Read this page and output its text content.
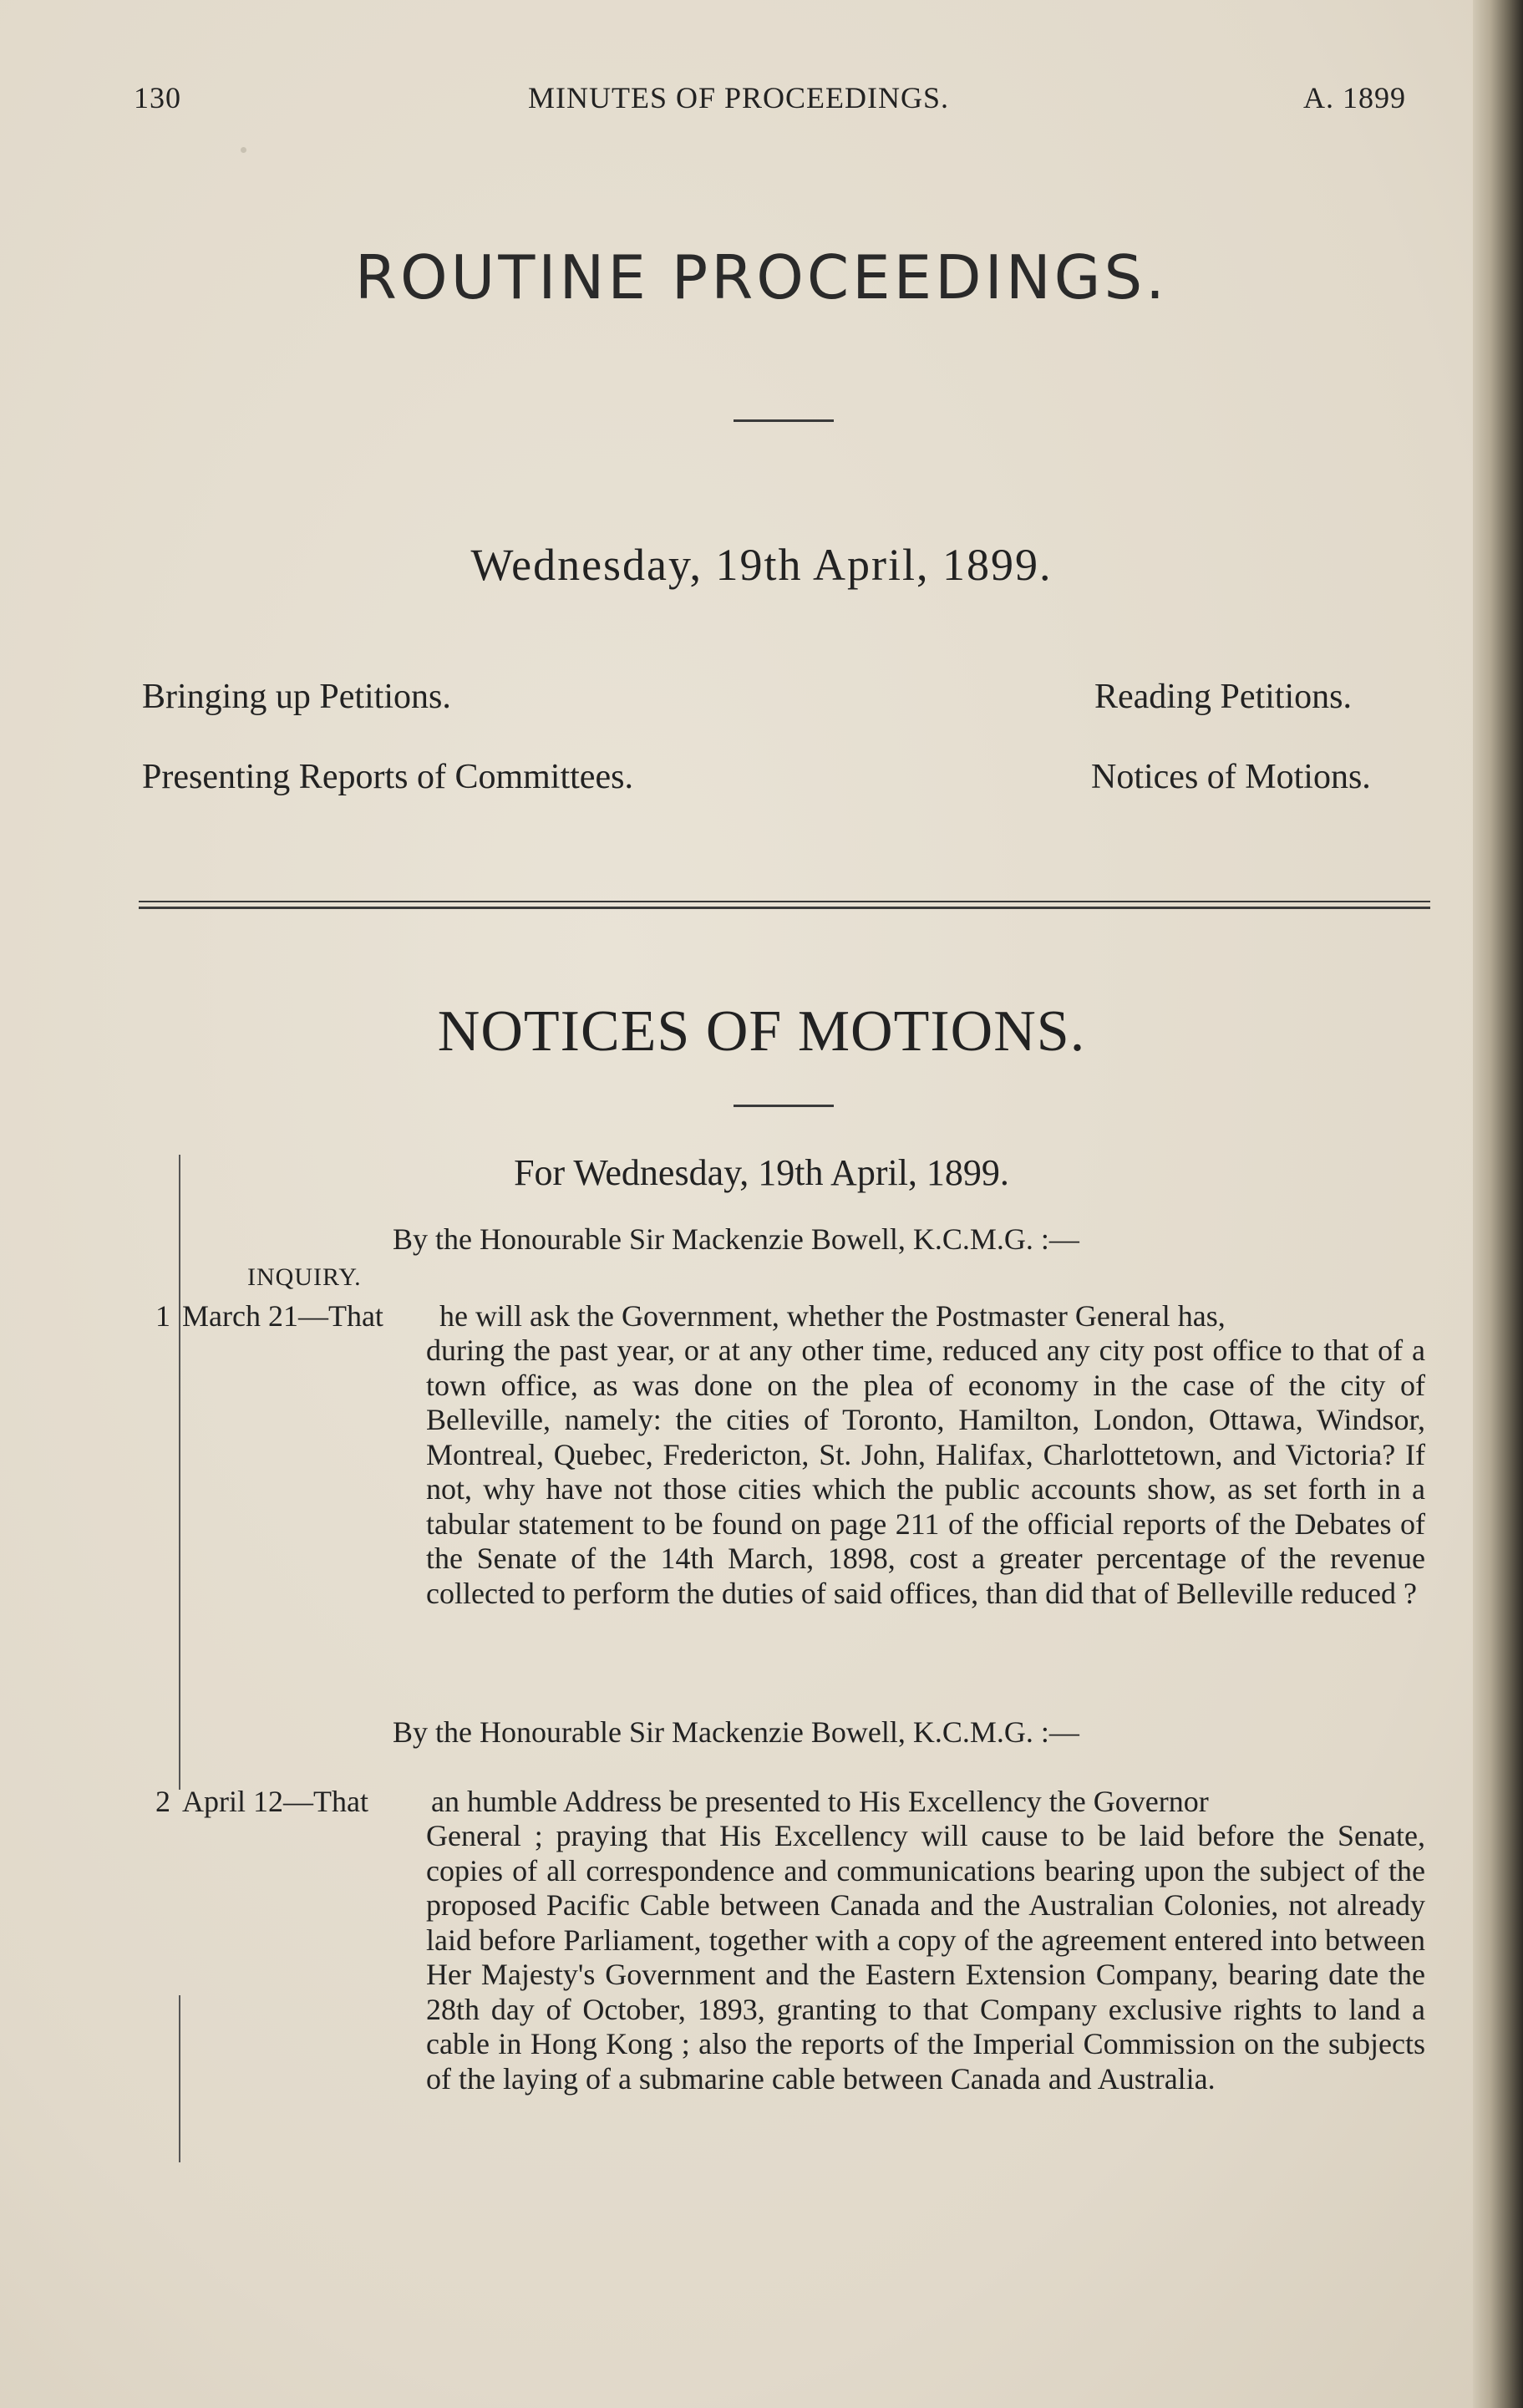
130	MINUTES OF PROCEEDINGS.	A. 1899
ROUTINE PROCEEDINGS.
Wednesday, 19th April, 1899.
Bringing up Petitions.	Reading Petitions.
Presenting Reports of Committees.	Notices of Motions.
NOTICES OF MOTIONS.
For Wednesday, 19th April, 1899.
By the Honourable Sir Mackenzie Bowell, K.C.M.G. :—
INQUIRY.
1 March 21—That he will ask the Government, whether the Postmaster General has,
during the past year, or at any other time, reduced any city post office to that of a town office, as was done on the plea of economy in the case of the city of Belleville, namely: the cities of Toronto, Hamilton, London, Ottawa, Windsor, Montreal, Quebec, Fredericton, St. John, Halifax, Charlottetown, and Victoria? If not, why have not those cities which the public accounts show, as set forth in a tabular statement to be found on page 211 of the official reports of the Debates of the Senate of the 14th March, 1898, cost a greater percentage of the revenue collected to perform the duties of said offices, than did that of Belleville reduced ?
By the Honourable Sir Mackenzie Bowell, K.C.M.G. :—
2 April 12—That an humble Address be presented to His Excellency the Governor
General ; praying that His Excellency will cause to be laid before the Senate, copies of all correspondence and communications bearing upon the subject of the proposed Pacific Cable between Canada and the Australian Colonies, not already laid before Parliament, together with a copy of the agreement entered into between Her Majesty's Government and the Eastern Extension Company, bearing date the 28th day of October, 1893, granting to that Company exclusive rights to land a cable in Hong Kong ; also the reports of the Imperial Commission on the subjects of the laying of a submarine cable between Canada and Australia.
